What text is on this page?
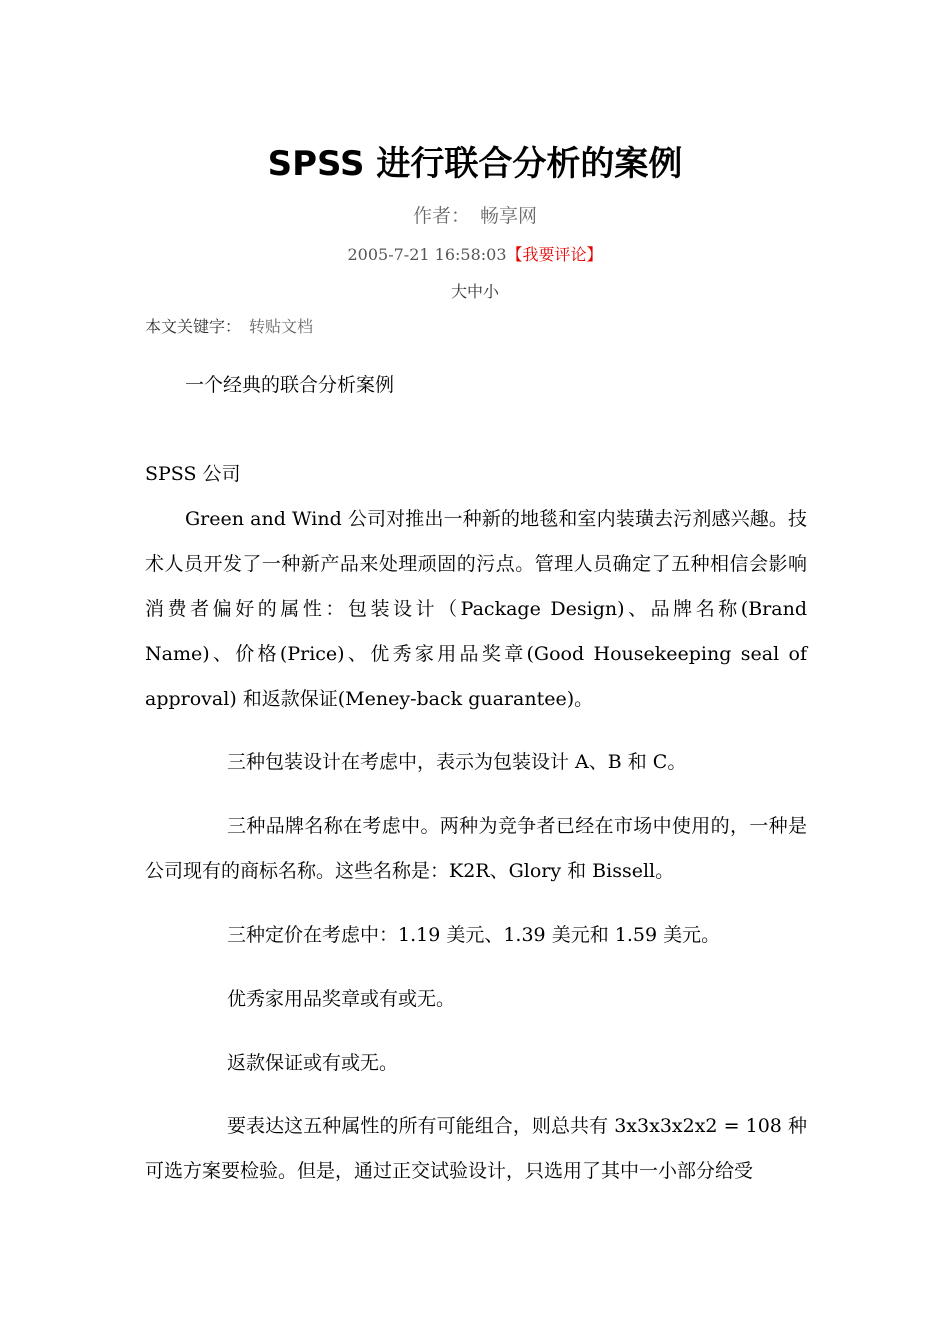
SPSS 进行联合分析的案例
作者： 畅享网
2005-7-21 16:58:03【我要评论】
大中小
本文关键字： 转贴文档

一个经典的联合分析案例

SPSS 公司

Green and Wind 公司对推出一种新的地毯和室内装璜去污剂感兴趣。技术人员开发了一种新产品来处理顽固的污点。管理人员确定了五种相信会影响消费者偏好的属性：包装设计（Package Design)、品牌名称(Brand Name)、价格(Price)、优秀家用品奖章(Good Housekeeping seal of approval) 和返款保证(Meney-back guarantee)。

三种包装设计在考虑中，表示为包装设计 A、B 和 C。

三种品牌名称在考虑中。两种为竞争者已经在市场中使用的，一种是公司现有的商标名称。这些名称是：K2R、Glory 和 Bissell。

三种定价在考虑中：1.19 美元、1.39 美元和 1.59 美元。

优秀家用品奖章或有或无。

返款保证或有或无。

要表达这五种属性的所有可能组合，则总共有 3x3x3x2x2 = 108 种可选方案要检验。但是，通过正交试验设计，只选用了其中一小部分给受
